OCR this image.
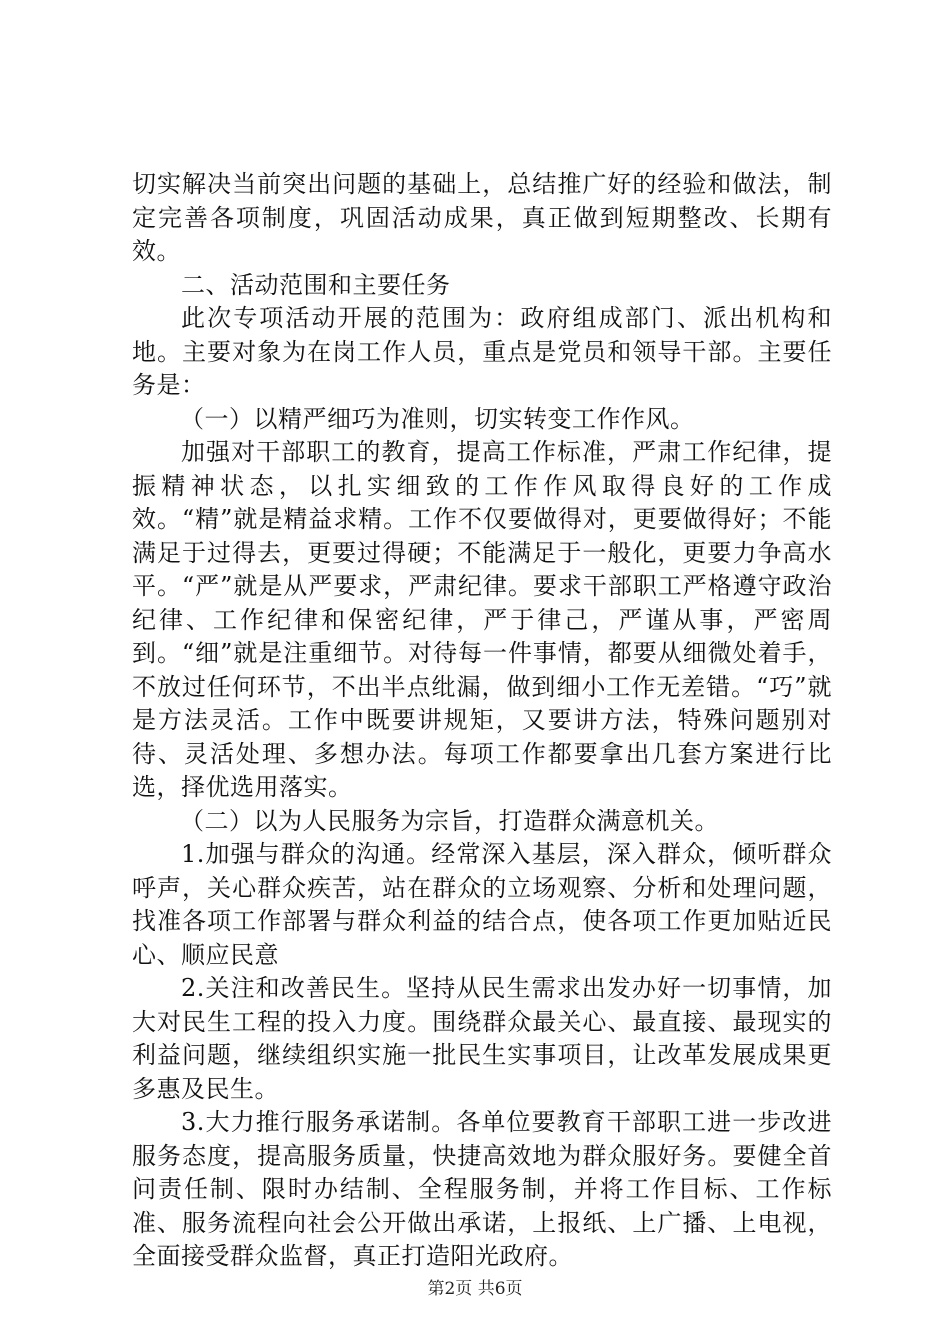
切实解决当前突出问题的基础上，总结推广好的经验和做法，制定完善各项制度，巩固活动成果，真正做到短期整改、长期有效。

二、活动范围和主要任务

此次专项活动开展的范围为：政府组成部门、派出机构和地。主要对象为在岗工作人员，重点是党员和领导干部。主要任务是：

（一）以精严细巧为准则，切实转变工作作风。

加强对干部职工的教育，提高工作标准，严肃工作纪律，提振精神状态，以扎实细致的工作作风取得良好的工作成效。“精”就是精益求精。工作不仅要做得对，更要做得好；不能满足于过得去，更要过得硬；不能满足于一般化，更要力争高水平。“严”就是从严要求，严肃纪律。要求干部职工严格遵守政治纪律、工作纪律和保密纪律，严于律己，严谨从事，严密周到。“细”就是注重细节。对待每一件事情，都要从细微处着手，不放过任何环节，不出半点纰漏，做到细小工作无差错。“巧”就是方法灵活。工作中既要讲规矩，又要讲方法，特殊问题别对待、灵活处理、多想办法。每项工作都要拿出几套方案进行比选，择优选用落实。

（二）以为人民服务为宗旨，打造群众满意机关。

1.加强与群众的沟通。经常深入基层，深入群众，倾听群众呼声，关心群众疾苦，站在群众的立场观察、分析和处理问题，找准各项工作部署与群众利益的结合点，使各项工作更加贴近民心、顺应民意

2.关注和改善民生。坚持从民生需求出发办好一切事情，加大对民生工程的投入力度。围绕群众最关心、最直接、最现实的利益问题，继续组织实施一批民生实事项目，让改革发展成果更多惠及民生。

3.大力推行服务承诺制。各单位要教育干部职工进一步改进服务态度，提高服务质量，快捷高效地为群众服好务。要健全首问责任制、限时办结制、全程服务制，并将工作目标、工作标准、服务流程向社会公开做出承诺，上报纸、上广播、上电视，全面接受群众监督，真正打造阳光政府。

第2页 共6页
